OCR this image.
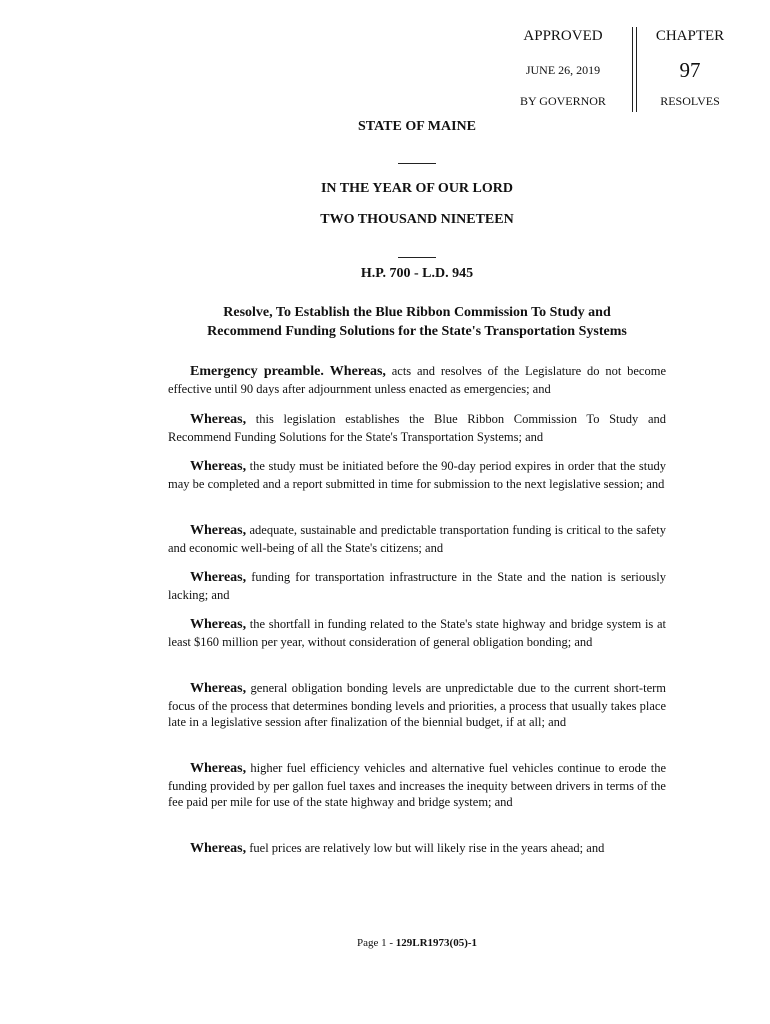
APPROVED
JUNE 26, 2019
BY GOVERNOR
CHAPTER
97
RESOLVES
STATE OF MAINE
IN THE YEAR OF OUR LORD
TWO THOUSAND NINETEEN
H.P. 700 - L.D. 945
Resolve, To Establish the Blue Ribbon Commission To Study and
Recommend Funding Solutions for the State's Transportation Systems
Emergency preamble. Whereas, acts and resolves of the Legislature do not become effective until 90 days after adjournment unless enacted as emergencies; and
Whereas, this legislation establishes the Blue Ribbon Commission To Study and Recommend Funding Solutions for the State's Transportation Systems; and
Whereas, the study must be initiated before the 90-day period expires in order that the study may be completed and a report submitted in time for submission to the next legislative session; and
Whereas, adequate, sustainable and predictable transportation funding is critical to the safety and economic well-being of all the State's citizens; and
Whereas, funding for transportation infrastructure in the State and the nation is seriously lacking; and
Whereas, the shortfall in funding related to the State's state highway and bridge system is at least $160 million per year, without consideration of general obligation bonding; and
Whereas, general obligation bonding levels are unpredictable due to the current short-term focus of the process that determines bonding levels and priorities, a process that usually takes place late in a legislative session after finalization of the biennial budget, if at all; and
Whereas, higher fuel efficiency vehicles and alternative fuel vehicles continue to erode the funding provided by per gallon fuel taxes and increases the inequity between drivers in terms of the fee paid per mile for use of the state highway and bridge system; and
Whereas, fuel prices are relatively low but will likely rise in the years ahead; and
Page 1 - 129LR1973(05)-1
